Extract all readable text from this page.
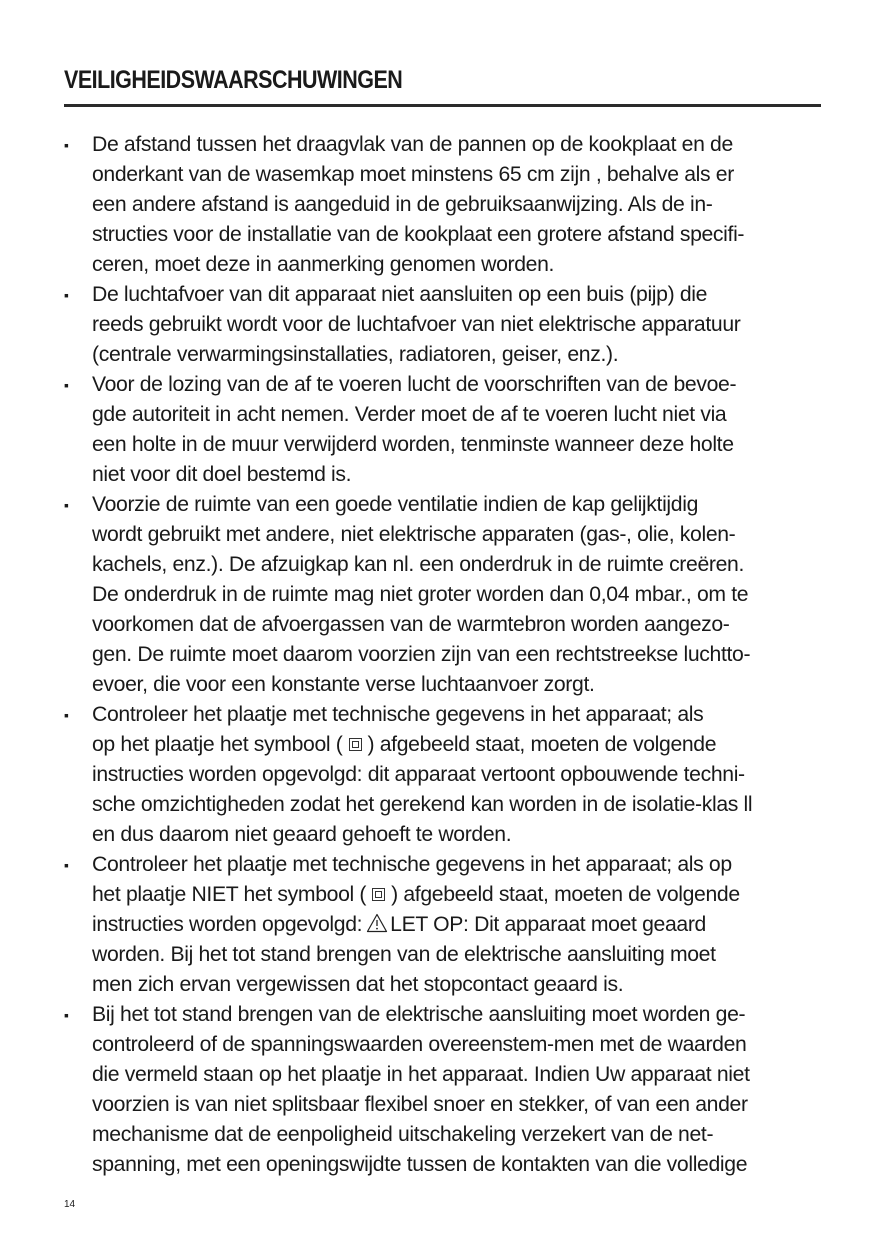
VEILIGHEIDSWAARSCHUWINGEN
▪	De afstand tussen het draagvlak van de pannen op de kookplaat en de
onderkant van de wasemkap moet minstens 65 cm zijn , behalve als er
een andere afstand is aangeduid in de gebruiksaanwijzing. Als de in-
structies voor de installatie van de kookplaat een grotere afstand specifi-
ceren, moet deze in aanmerking genomen worden.
▪	De luchtafvoer van dit apparaat niet aansluiten op een buis (pijp) die
reeds gebruikt wordt voor de luchtafvoer van niet elektrische apparatuur
(centrale verwarmingsinstallaties, radiatoren, geiser, enz.).
▪	Voor de lozing van de af te voeren lucht de voorschriften van de bevoe-
gde autoriteit in acht nemen. Verder moet de af te voeren lucht niet via
een holte in de muur verwijderd worden, tenminste wanneer deze holte
niet voor dit doel bestemd is.
▪	Voorzie de ruimte van een goede ventilatie indien de kap gelijktijdig
wordt gebruikt met andere, niet elektrische apparaten (gas-, olie, kolen-
kachels, enz.). De afzuigkap kan nl. een onderdruk in de ruimte creëren.
De onderdruk in de ruimte mag niet groter worden dan 0,04 mbar., om te
voorkomen dat de afvoergassen van de warmtebron worden aangezo-
gen. De ruimte moet daarom voorzien zijn van een rechtstreekse luchtto-
evoer, die voor een konstante verse luchtaanvoer zorgt.
▪	Controleer het plaatje met technische gegevens in het apparaat; als
op het plaatje het symbool ( ) afgebeeld staat, moeten de volgende
instructies worden opgevolgd: dit apparaat vertoont opbouwende techni-
sche omzichtigheden zodat het gerekend kan worden in de isolatie-klas ll
en dus daarom niet geaard gehoeft te worden.
▪	Controleer het plaatje met technische gegevens in het apparaat; als op
het plaatje NIET het symbool ( ) afgebeeld staat, moeten de volgende
instructies worden opgevolgd: LET OP: Dit apparaat moet geaard
worden. Bij het tot stand brengen van de elektrische aansluiting moet
men zich ervan vergewissen dat het stopcontact geaard is.
▪	Bij het tot stand brengen van de elektrische aansluiting moet worden ge-
controleerd of de spanningswaarden overeenstem-men met de waarden
die vermeld staan op het plaatje in het apparaat. Indien Uw apparaat niet
voorzien is van niet splitsbaar flexibel snoer en stekker, of van een ander
mechanisme dat de eenpoligheid uitschakeling verzekert van de net-
spanning, met een openingswijdte tussen de kontakten van die volledige
14
